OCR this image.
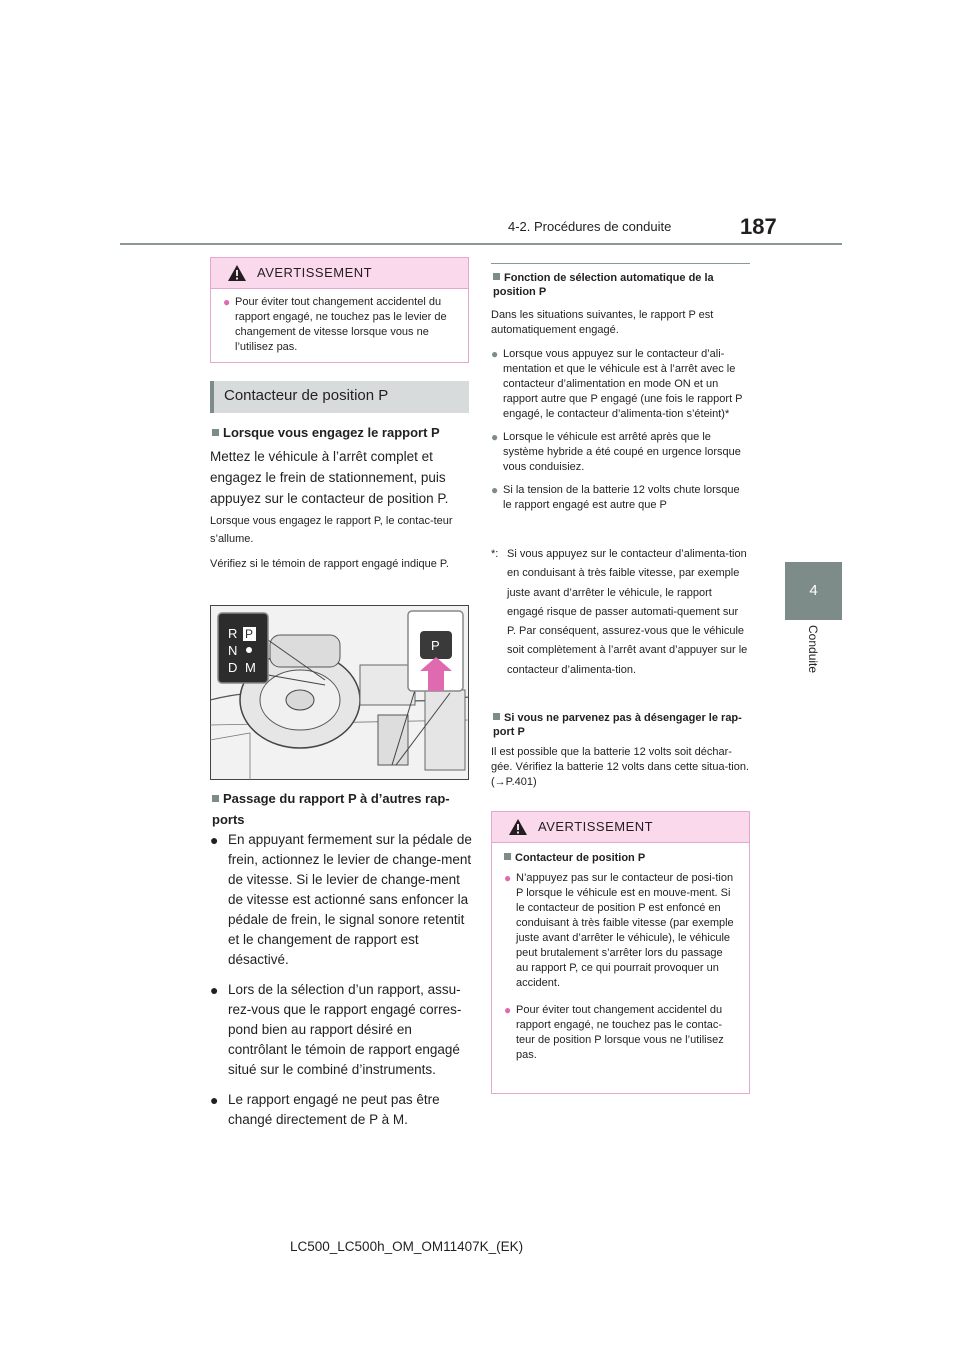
4-2. Procédures de conduite	187
4
Conduite
AVERTISSEMENT
● Pour éviter tout changement accidentel du rapport engagé, ne touchez pas le levier de changement de vitesse lorsque vous ne l’utilisez pas.
Contacteur de position P
Lorsque vous engagez le rapport P
Mettez le véhicule à l’arrêt complet et engagez le frein de stationnement, puis appuyez sur le contacteur de position P.
Lorsque vous engagez le rapport P, le contac-teur s’allume.
Vérifiez si le témoin de rapport engagé indique P.
R P
N
D M
P
Passage du rapport P à d’autres rap-ports
● En appuyant fermement sur la pédale de frein, actionnez le levier de change-ment de vitesse. Si le levier de change-ment de vitesse est actionné sans enfoncer la pédale de frein, le signal sonore retentit et le changement de rapport est désactivé.
● Lors de la sélection d’un rapport, assu-rez-vous que le rapport engagé corres-pond bien au rapport désiré en contrôlant le témoin de rapport engagé situé sur le combiné d’instruments.
● Le rapport engagé ne peut pas être changé directement de P à M.
Fonction de sélection automatique de la position P
Dans les situations suivantes, le rapport P est automatiquement engagé.
● Lorsque vous appuyez sur le contacteur d’ali-mentation et que le véhicule est à l’arrêt avec le contacteur d’alimentation en mode ON et un rapport autre que P engagé (une fois le rapport P engagé, le contacteur d’alimenta-tion s’éteint)*
● Lorsque le véhicule est arrêté après que le système hybride a été coupé en urgence lorsque vous conduisiez.
● Si la tension de la batterie 12 volts chute lorsque le rapport engagé est autre que P
*: Si vous appuyez sur le contacteur d’alimenta-tion en conduisant à très faible vitesse, par exemple juste avant d’arrêter le véhicule, le rapport engagé risque de passer automati-quement sur P. Par conséquent, assurez-vous que le véhicule soit complètement à l’arrêt avant d’appuyer sur le contacteur d’alimenta-tion.
Si vous ne parvenez pas à désengager le rap-port P
Il est possible que la batterie 12 volts soit déchar-gée. Vérifiez la batterie 12 volts dans cette situa-tion. (→P.401)
AVERTISSEMENT
Contacteur de position P
● N’appuyez pas sur le contacteur de posi-tion P lorsque le véhicule est en mouve-ment. Si le contacteur de position P est enfoncé en conduisant à très faible vitesse (par exemple juste avant d’arrêter le véhicule), le véhicule peut brutalement s’arrêter lors du passage au rapport P, ce qui pourrait provoquer un accident.
● Pour éviter tout changement accidentel du rapport engagé, ne touchez pas le contac-teur de position P lorsque vous ne l’utilisez pas.
LC500_LC500h_OM_OM11407K_(EK)
